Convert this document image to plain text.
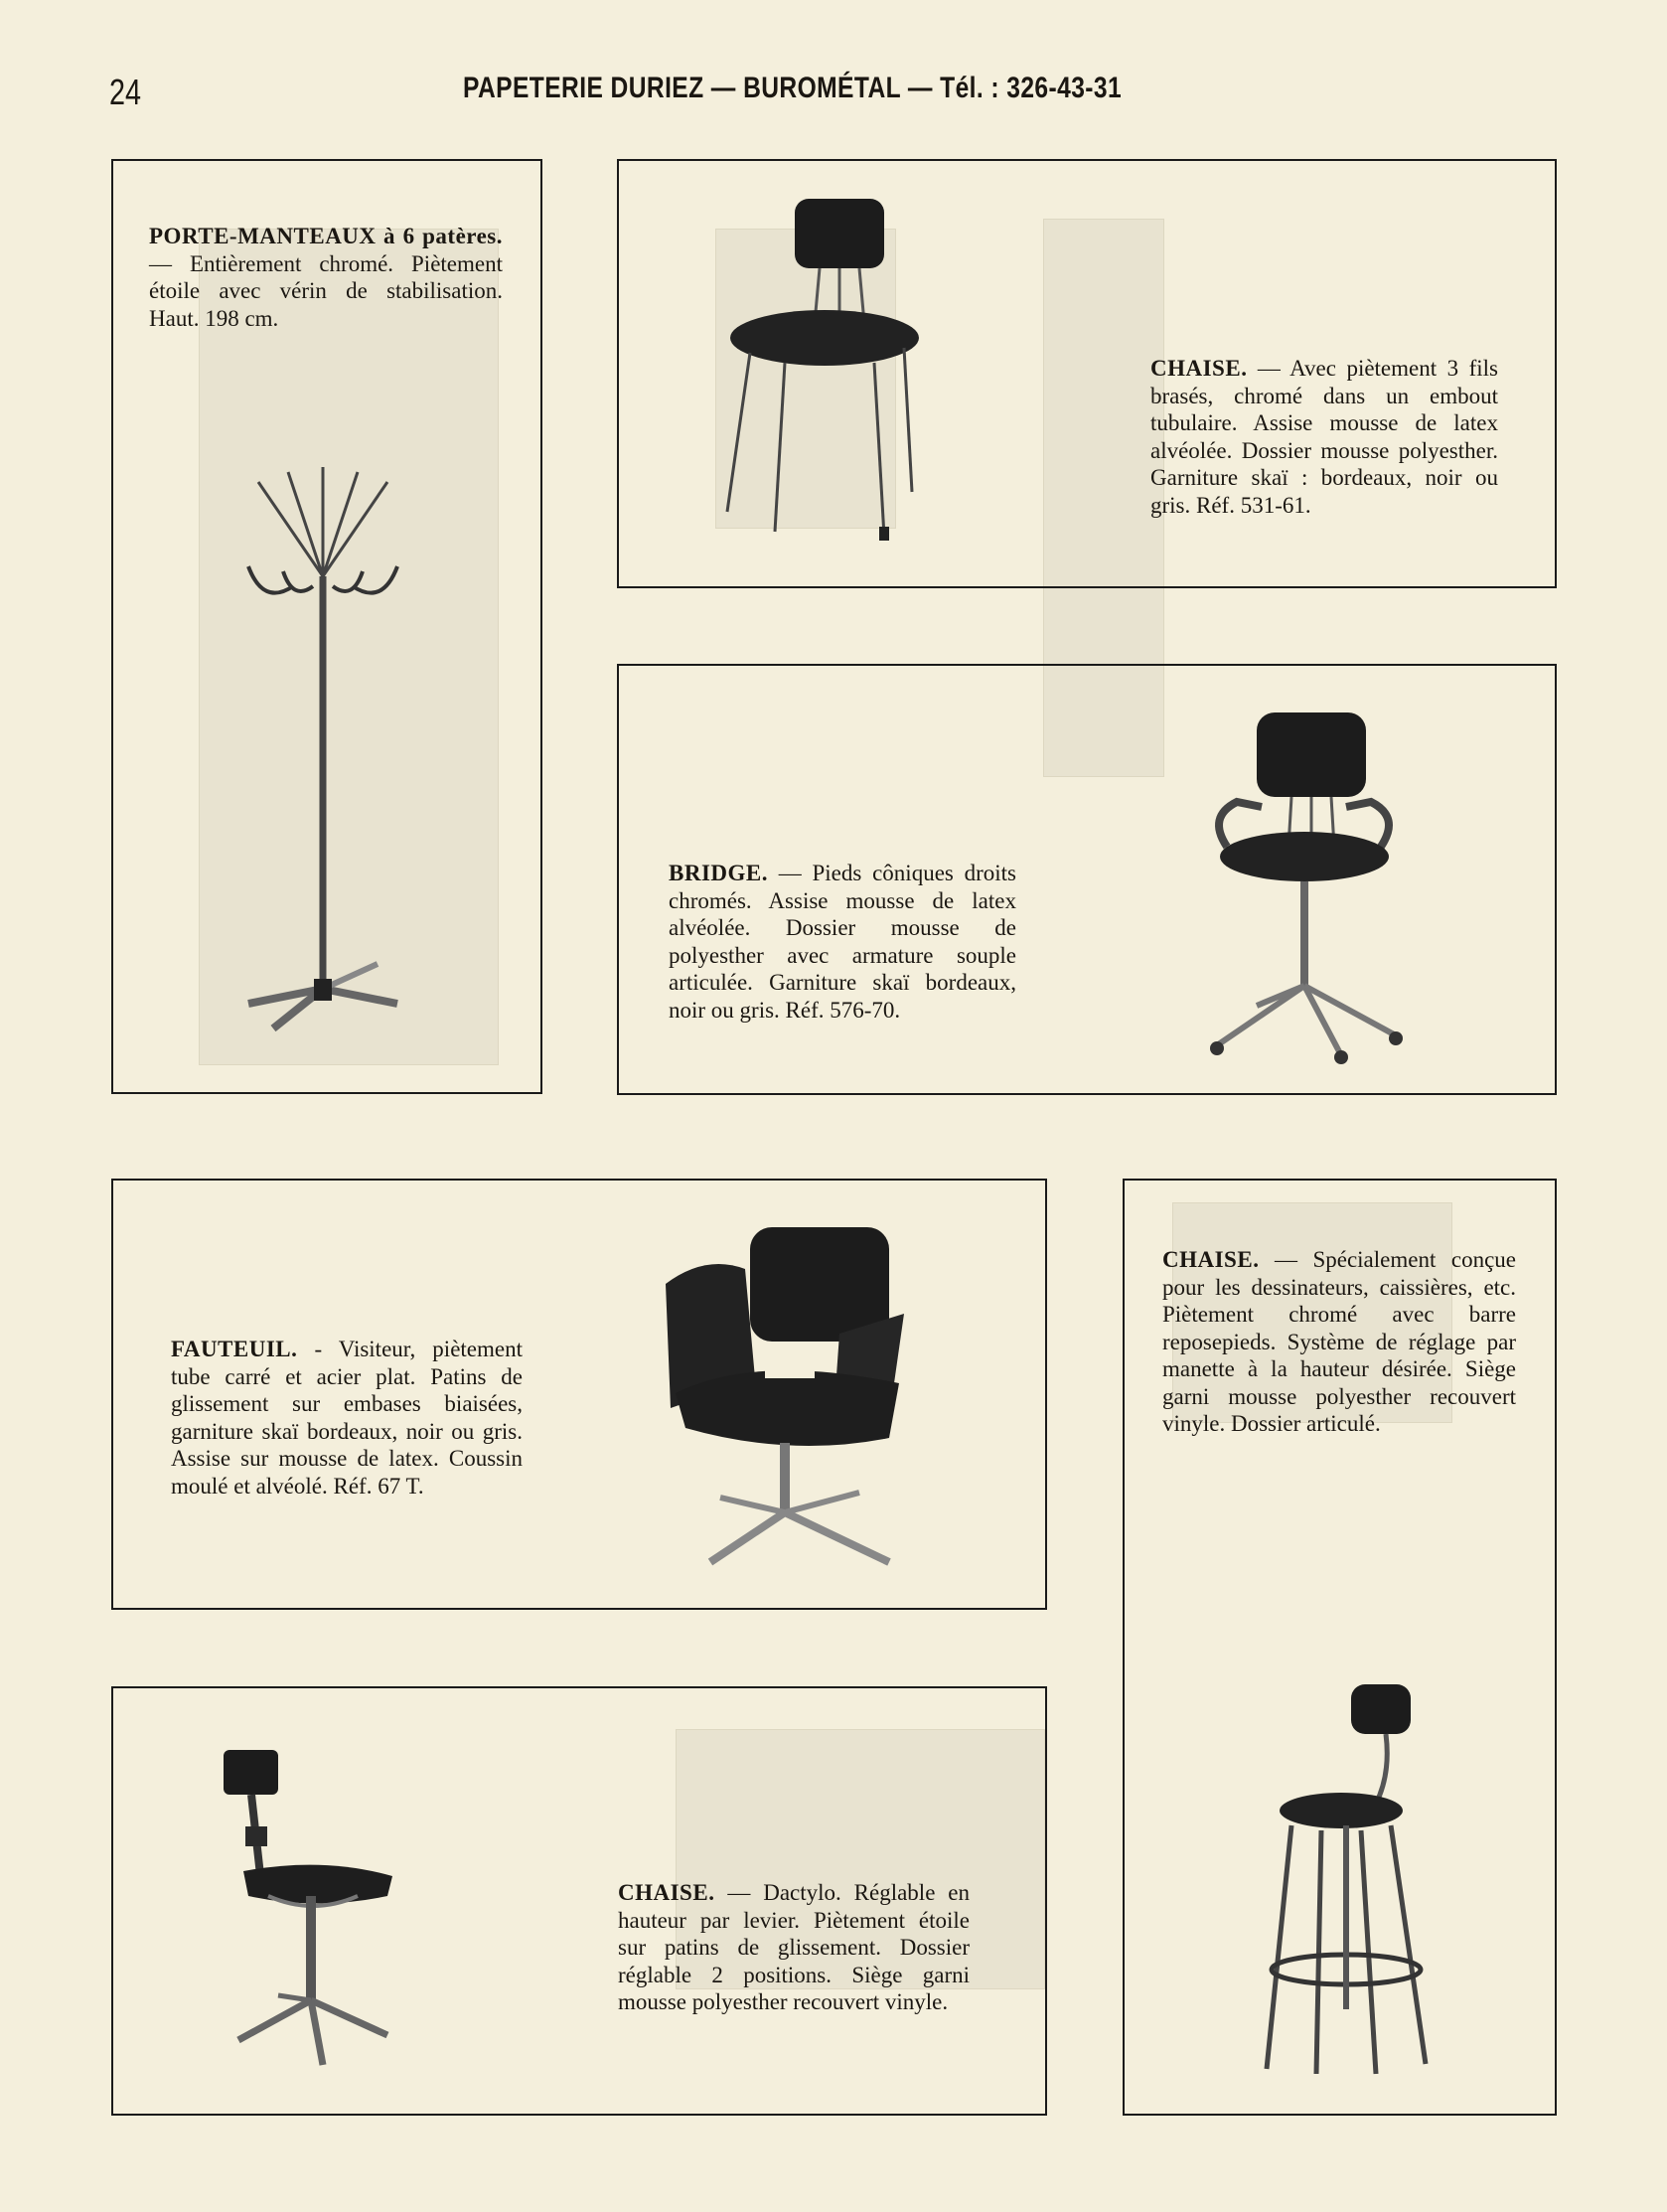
24	PAPETERIE DURIEZ — BUROMÉTAL — Tél. : 326-43-31
PORTE-MANTEAUX à 6 patères. — Entièrement chromé. Piètement étoile avec vérin de stabilisation. Haut. 198 cm.
CHAISE. — Avec piètement 3 fils brasés, chromé dans un embout tubulaire. Assise mousse de latex alvéolée. Dossier mousse polyesther. Garniture skaï : bordeaux, noir ou gris. Réf. 531-61.
BRIDGE. — Pieds côniques droits chromés. Assise mousse de latex alvéolée. Dossier mousse de polyesther avec armature souple articulée. Garniture skaï bordeaux, noir ou gris. Réf. 576-70.
FAUTEUIL. - Visiteur, piètement tube carré et acier plat. Patins de glissement sur embases biaisées, garniture skaï bordeaux, noir ou gris. Assise sur mousse de latex. Coussin moulé et alvéolé. Réf. 67 T.
CHAISE. — Spécialement conçue pour les dessinateurs, caissières, etc. Piètement chromé avec barre reposepieds. Système de réglage par manette à la hauteur désirée. Siège garni mousse polyesther recouvert vinyle. Dossier articulé.
CHAISE. — Dactylo. Réglable en hauteur par levier. Piètement étoile sur patins de glissement. Dossier réglable 2 positions. Siège garni mousse polyesther recouvert vinyle.
